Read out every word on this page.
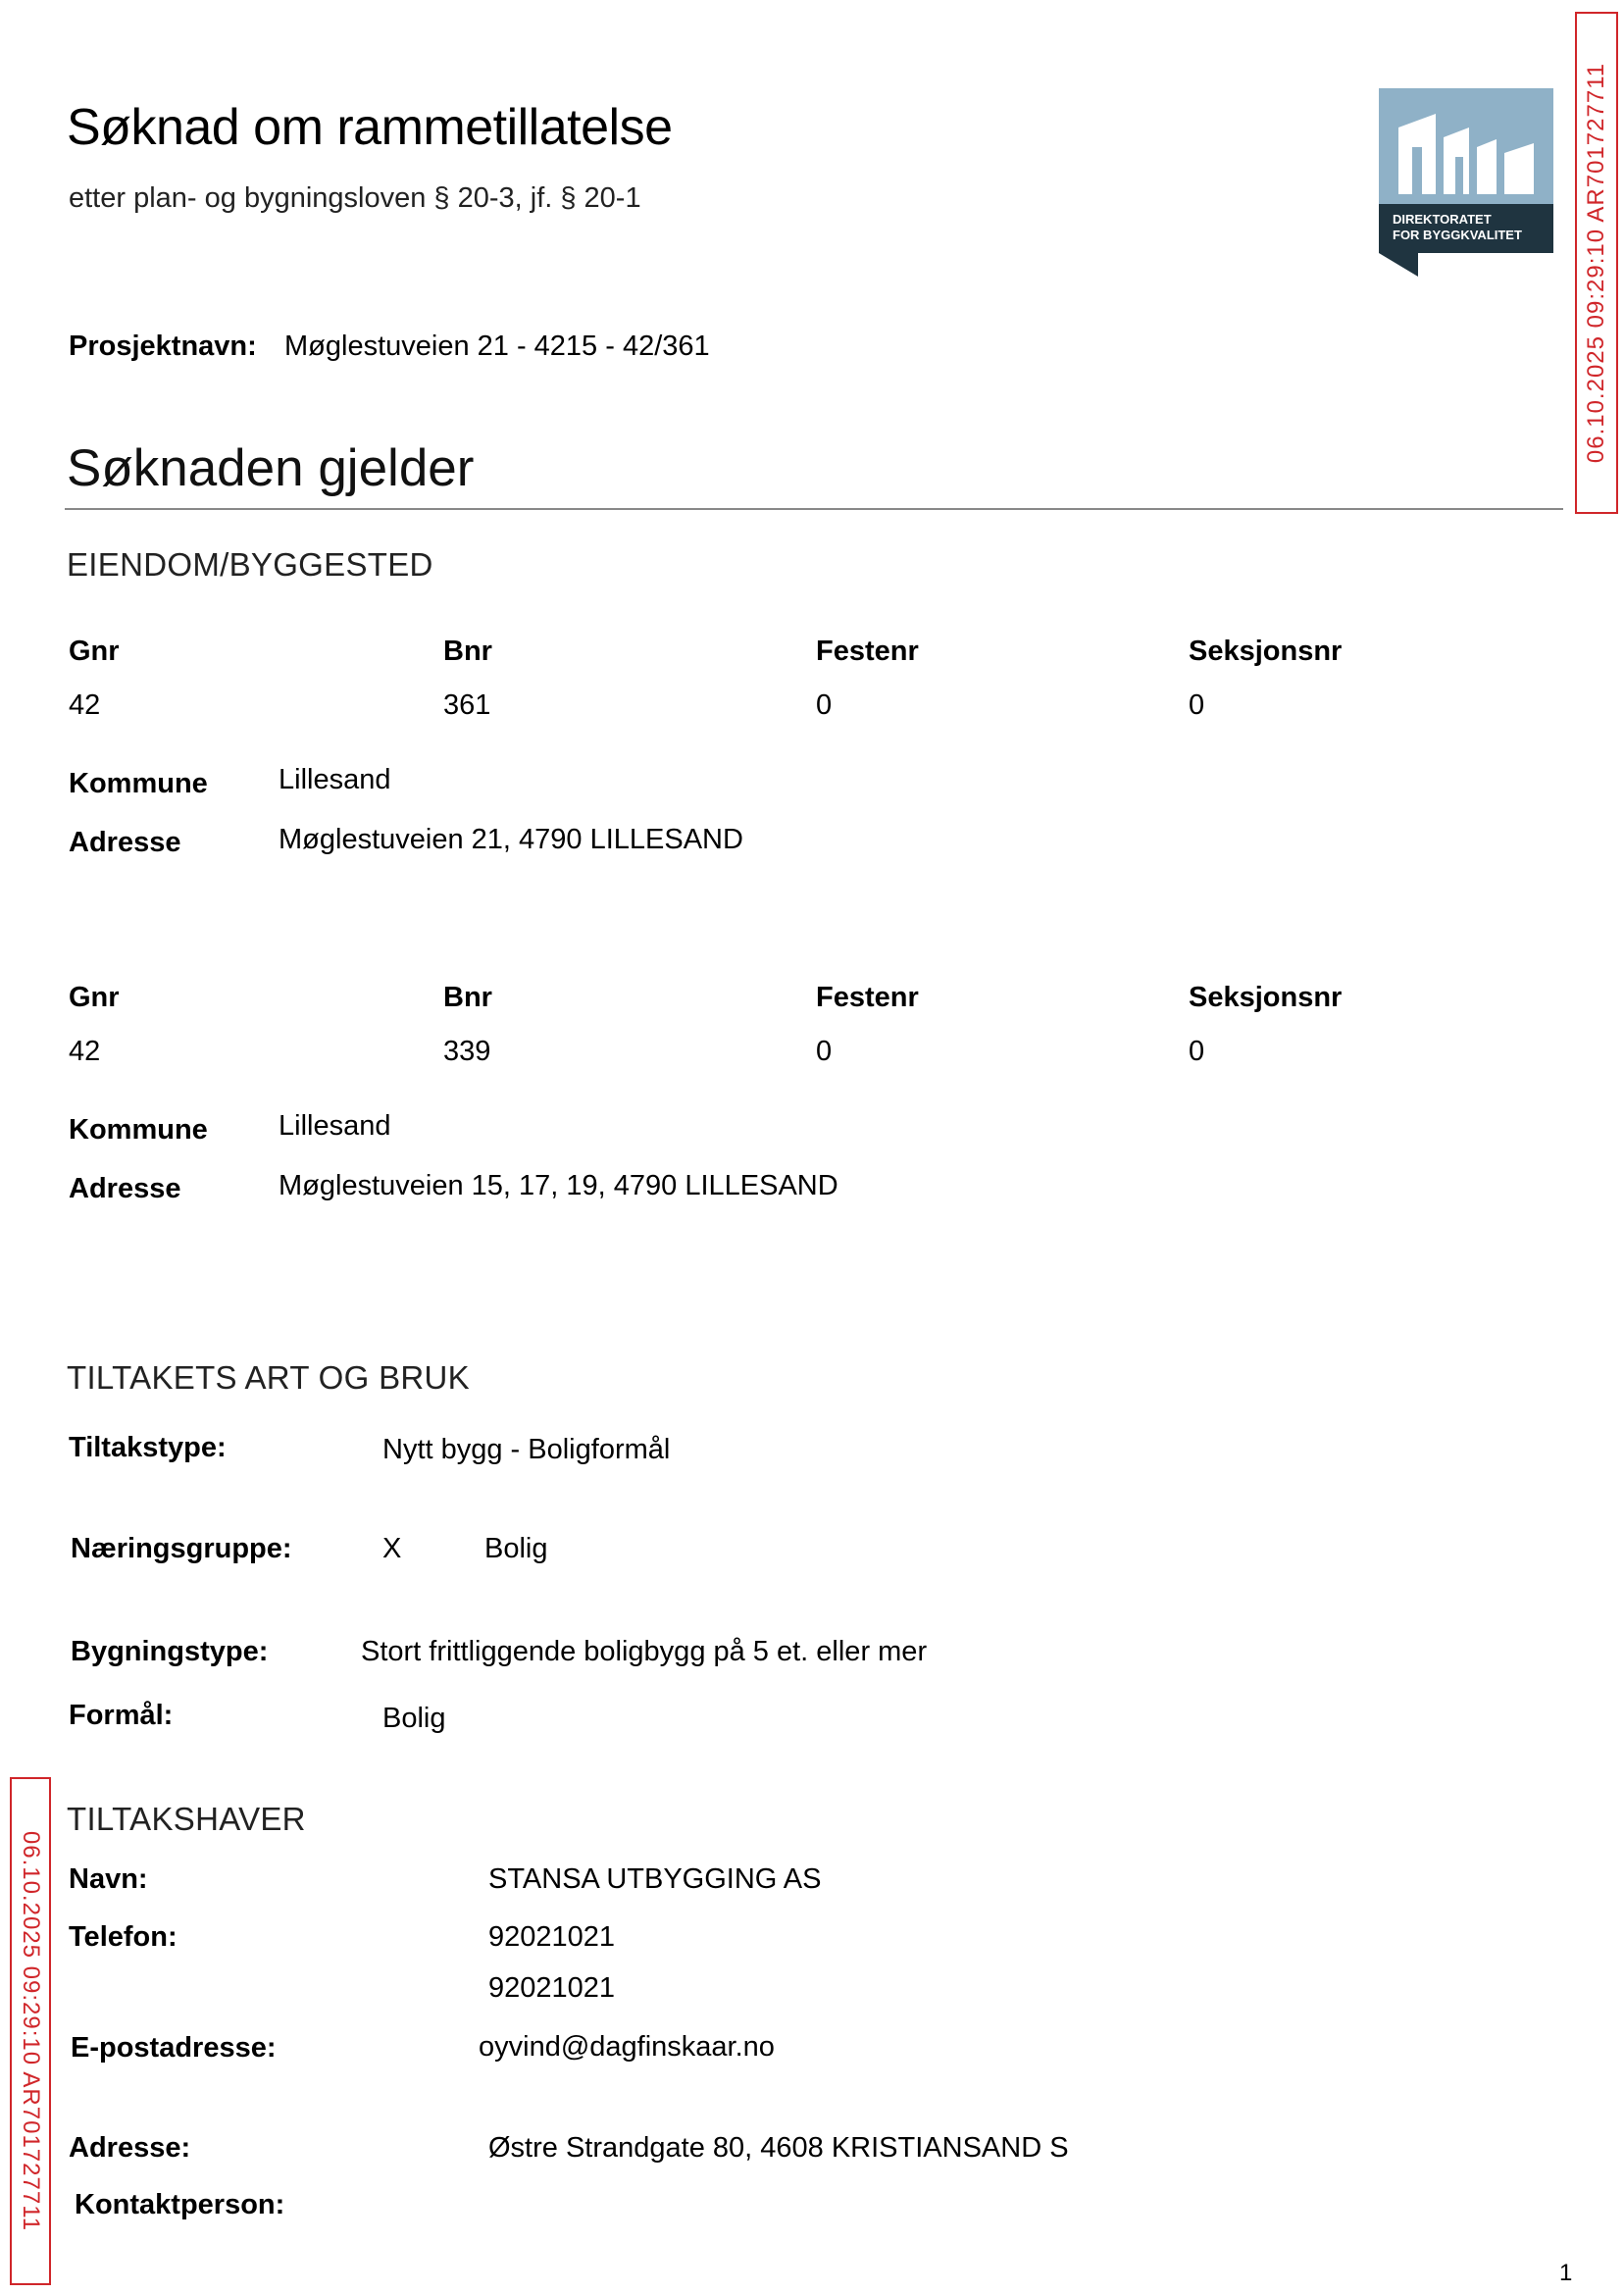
Søknad om rammetillatelse
etter plan- og bygningsloven § 20-3, jf. § 20-1
DIREKTORATET
FOR BYGGKVALITET	06.10.2025 09:29:10 AR701727711
Prosjektnavn: Møglestuveien 21 - 4215 - 42/361
Søknaden gjelder
EIENDOM/BYGGESTED
Gnr	Bnr	Festenr	Seksjonsnr
42	361	0	0
Kommune Lillesand
Adresse	Møglestuveien 21, 4790 LILLESAND
Gnr	Bnr	Festenr	Seksjonsnr
42	339	0	0
Kommune Lillesand
Adresse	Møglestuveien 15, 17, 19, 4790 LILLESAND
TILTAKETS ART OG BRUK
Tiltakstype:	Nytt bygg - Boligformål
Næringsgruppe:	X	Bolig
Bygningstype:	Stort frittliggende boligbygg på 5 et. eller mer
Formål:	Bolig
TILTAKSHAVER
Navn:	STANSA UTBYGGING AS
Telefon:	92021021
92021021
E-postadresse:	oyvind@dagfinskaar.no
Adresse:	Østre Strandgate 80, 4608 KRISTIANSAND S
Kontaktperson:
06.10.2025 09:29:10 AR701727711
1
